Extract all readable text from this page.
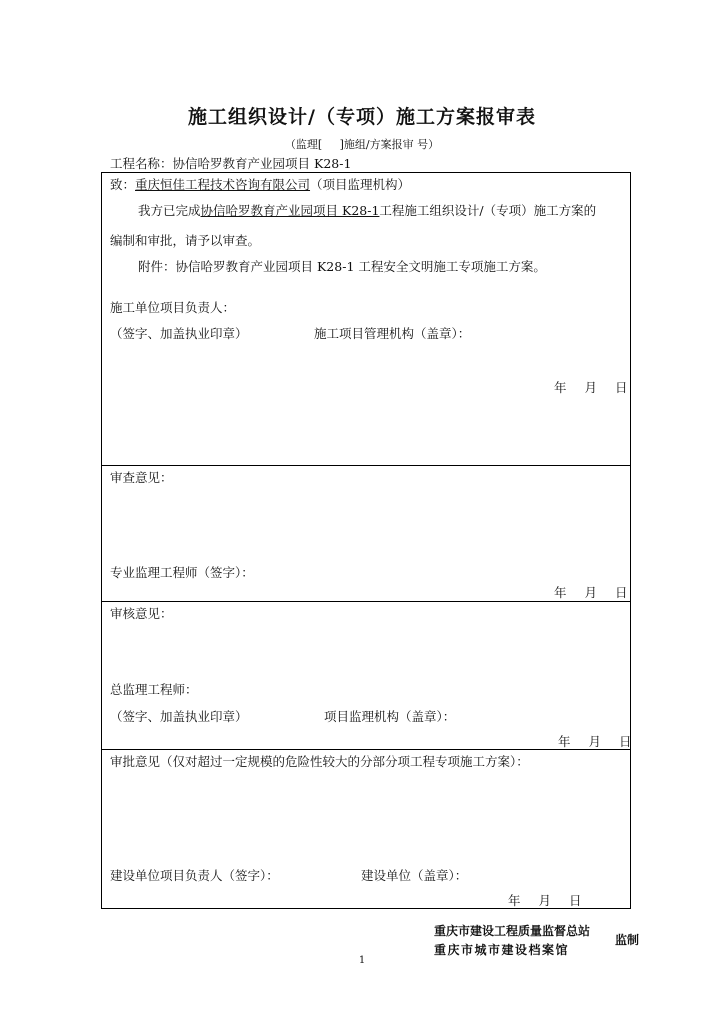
施工组织设计/（专项）施工方案报审表
（监理[ ]施组/方案报审 号）
工程名称：协信哈罗教育产业园项目 K28-1
致：重庆恒佳工程技术咨询有限公司（项目监理机构）
我方已完成协信哈罗教育产业园项目 K28-1工程施工组织设计/（专项）施工方案的
编制和审批，请予以审查。
附件：协信哈罗教育产业园项目 K28-1 工程安全文明施工专项施工方案。
施工单位项目负责人：
（签字、加盖执业印章）	施工项目管理机构（盖章）：
年 月 日
审查意见：
专业监理工程师（签字）：
年 月 日
审核意见：
总监理工程师：
（签字、加盖执业印章）	项目监理机构（盖章）：
年 月 日
审批意见（仅对超过一定规模的危险性较大的分部分项工程专项施工方案）：
建设单位项目负责人（签字）：	建设单位（盖章）：
年 月 日
重庆市建设工程质量监督总站
重庆市城市建设档案馆
监制
1
